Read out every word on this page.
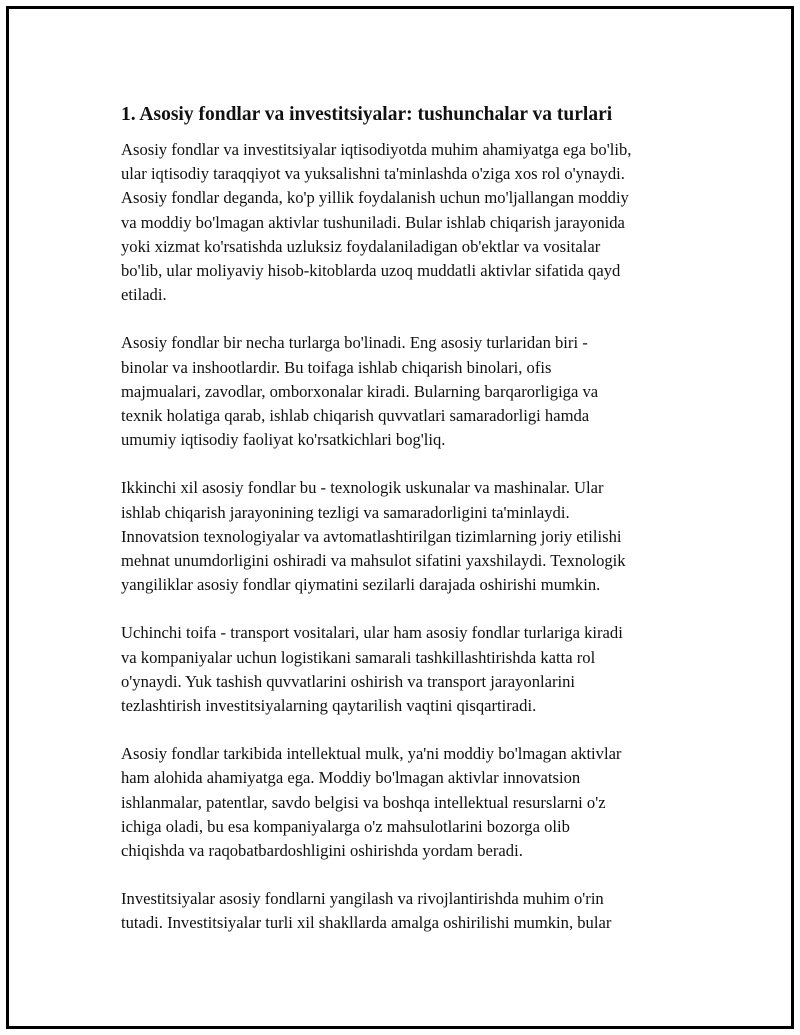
1. Asosiy fondlar va investitsiyalar: tushunchalar va turlari

Asosiy fondlar va investitsiyalar iqtisodiyotda muhim ahamiyatga ega bo'lib,
ular iqtisodiy taraqqiyot va yuksalishni ta'minlashda o'ziga xos rol o'ynaydi.
Asosiy fondlar deganda, ko'p yillik foydalanish uchun mo'ljallangan moddiy
va moddiy bo'lmagan aktivlar tushuniladi. Bular ishlab chiqarish jarayonida
yoki xizmat ko'rsatishda uzluksiz foydalaniladigan ob'ektlar va vositalar
bo'lib, ular moliyaviy hisob-kitoblarda uzoq muddatli aktivlar sifatida qayd
etiladi.

Asosiy fondlar bir necha turlarga bo'linadi. Eng asosiy turlaridan biri -
binolar va inshootlardir. Bu toifaga ishlab chiqarish binolari, ofis
majmualari, zavodlar, omborxonalar kiradi. Bularning barqarorligiga va
texnik holatiga qarab, ishlab chiqarish quvvatlari samaradorligi hamda
umumiy iqtisodiy faoliyat ko'rsatkichlari bog'liq.

Ikkinchi xil asosiy fondlar bu - texnologik uskunalar va mashinalar. Ular
ishlab chiqarish jarayonining tezligi va samaradorligini ta'minlaydi.
Innovatsion texnologiyalar va avtomatlashtirilgan tizimlarning joriy etilishi
mehnat unumdorligini oshiradi va mahsulot sifatini yaxshilaydi. Texnologik
yangiliklar asosiy fondlar qiymatini sezilarli darajada oshirishi mumkin.

Uchinchi toifa - transport vositalari, ular ham asosiy fondlar turlariga kiradi
va kompaniyalar uchun logistikani samarali tashkillashtirishda katta rol
o'ynaydi. Yuk tashish quvvatlarini oshirish va transport jarayonlarini
tezlashtirish investitsiyalarning qaytarilish vaqtini qisqartiradi.

Asosiy fondlar tarkibida intellektual mulk, ya'ni moddiy bo'lmagan aktivlar
ham alohida ahamiyatga ega. Moddiy bo'lmagan aktivlar innovatsion
ishlanmalar, patentlar, savdo belgisi va boshqa intellektual resurslarni o'z
ichiga oladi, bu esa kompaniyalarga o'z mahsulotlarini bozorga olib
chiqishda va raqobatbardoshligini oshirishda yordam beradi.

Investitsiyalar asosiy fondlarni yangilash va rivojlantirishda muhim o'rin
tutadi. Investitsiyalar turli xil shakllarda amalga oshirilishi mumkin, bular
